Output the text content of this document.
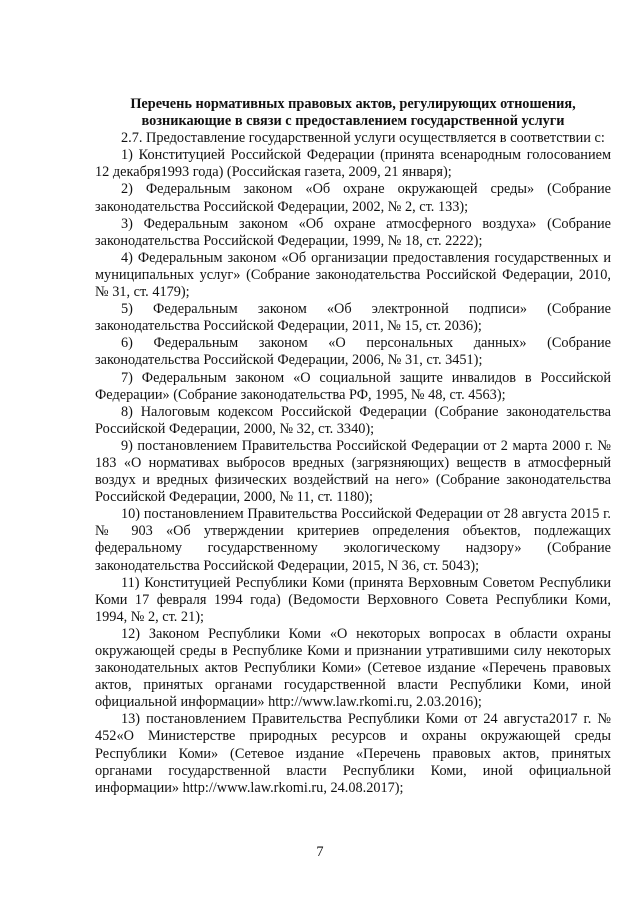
Перечень нормативных правовых актов, регулирующих отношения,
возникающие в связи с предоставлением государственной услуги

2.7. Предоставление государственной услуги осуществляется в соответствии с:

1) Конституцией Российской Федерации (принята всенародным голосованием 12 декабря1993 года) (Российская газета, 2009, 21 января);

2) Федеральным законом «Об охране окружающей среды» (Собрание законодательства Российской Федерации, 2002, № 2, ст. 133);

3) Федеральным законом «Об охране атмосферного воздуха» (Собрание законодательства Российской Федерации, 1999, № 18, ст. 2222);

4) Федеральным законом «Об организации предоставления государственных и муниципальных услуг» (Собрание законодательства Российской Федерации, 2010, № 31, ст. 4179);

5) Федеральным законом «Об электронной подписи» (Собрание законодательства Российской Федерации, 2011, № 15, ст. 2036);

6) Федеральным законом «О персональных данных» (Собрание законодательства Российской Федерации, 2006, № 31, ст. 3451);

7) Федеральным законом «О социальной защите инвалидов в Российской Федерации» (Собрание законодательства РФ, 1995, № 48, ст. 4563);

8) Налоговым кодексом Российской Федерации (Собрание законодательства Российской Федерации, 2000, № 32, ст. 3340);

9) постановлением Правительства Российской Федерации от 2 марта 2000 г. № 183 «О нормативах выбросов вредных (загрязняющих) веществ в атмосферный воздух и вредных физических воздействий на него» (Собрание законодательства Российской Федерации, 2000, № 11, ст. 1180);

10) постановлением Правительства Российской Федерации от 28 августа 2015 г. № 903 «Об утверждении критериев определения объектов, подлежащих федеральному государственному экологическому надзору» (Собрание законодательства Российской Федерации, 2015, N 36, ст. 5043);

11) Конституцией Республики Коми (принята Верховным Советом Республики Коми 17 февраля 1994 года) (Ведомости Верховного Совета Республики Коми, 1994, № 2, ст. 21);

12) Законом Республики Коми «О некоторых вопросах в области охраны окружающей среды в Республике Коми и признании утратившими силу некоторых законодательных актов Республики Коми» (Сетевое издание «Перечень правовых актов, принятых органами государственной власти Республики Коми, иной официальной информации» http://www.law.rkomi.ru, 2.03.2016);

13) постановлением Правительства Республики Коми от 24 августа2017 г. № 452«О Министерстве природных ресурсов и охраны окружающей среды Республики Коми» (Сетевое издание «Перечень правовых актов, принятых органами государственной власти Республики Коми, иной официальной информации» http://www.law.rkomi.ru, 24.08.2017);

7
